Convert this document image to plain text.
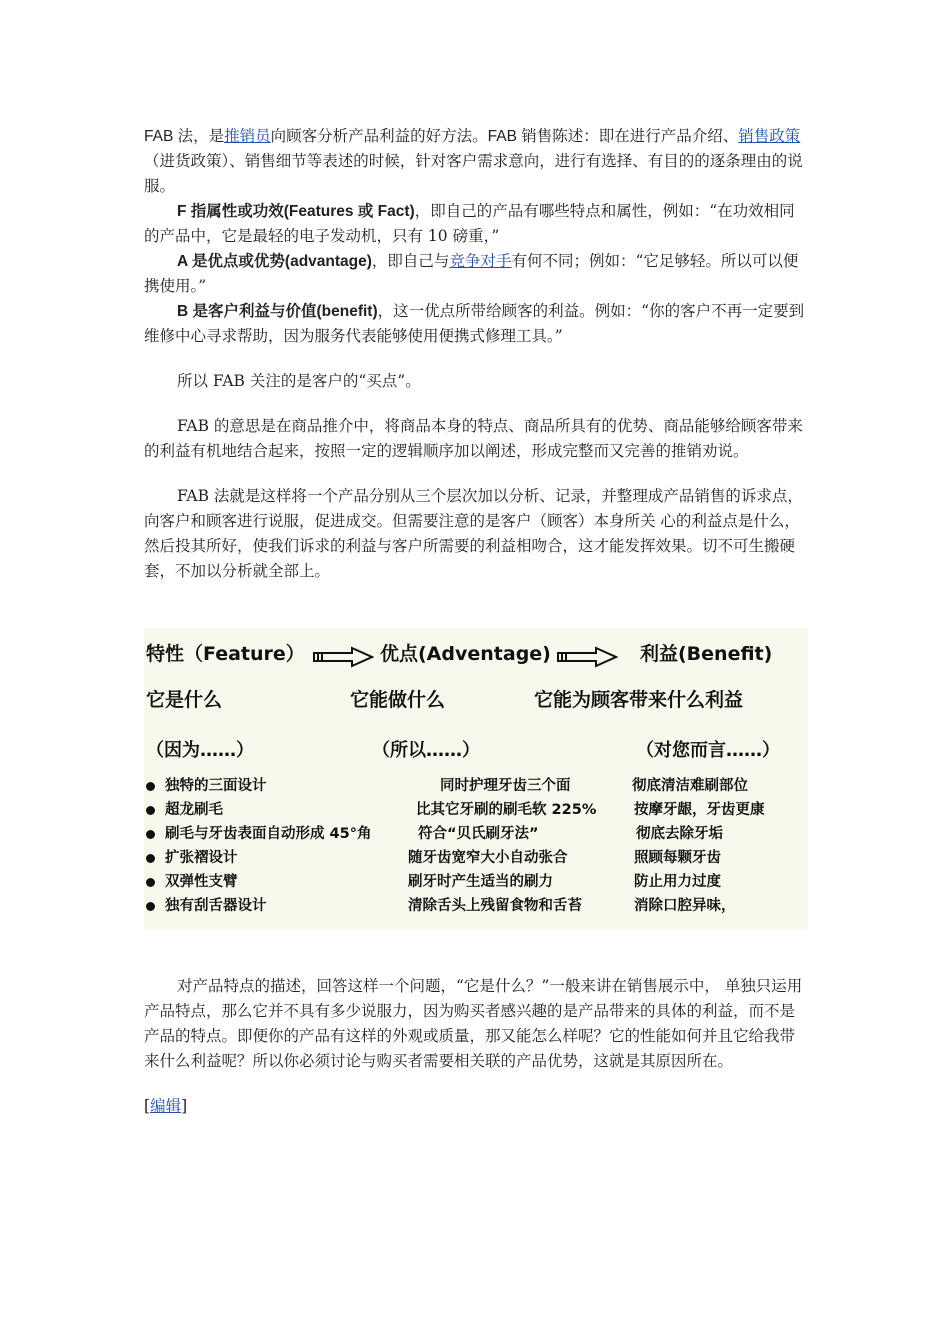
FAB 法，是推销员向顾客分析产品利益的好方法。FAB 销售陈述：即在进行产品介绍、销售政策（进货政策）、销售细节等表述的时候，针对客户需求意向，进行有选择、有目的的逐条理由的说服。

F 指属性或功效(Features 或 Fact)，即自己的产品有哪些特点和属性，例如：“在功效相同的产品中，它是最轻的电子发动机，只有 10 磅重，”

A 是优点或优势(advantage)，即自己与竞争对手有何不同；例如：“它足够轻。所以可以便携使用。”

B 是客户利益与价值(benefit)，这一优点所带给顾客的利益。例如：“你的客户不再一定要到维修中心寻求帮助，因为服务代表能够使用便携式修理工具。”

所以 FAB 关注的是客户的“买点”。

FAB 的意思是在商品推介中，将商品本身的特点、商品所具有的优势、商品能够给顾客带来的利益有机地结合起来，按照一定的逻辑顺序加以阐述，形成完整而又完善的推销劝说。

FAB 法就是这样将一个产品分别从三个层次加以分析、记录，并整理成产品销售的诉求点，向客户和顾客进行说服，促进成交。但需要注意的是客户（顾客）本身所关 心的利益点是什么，然后投其所好，使我们诉求的利益与客户所需要的利益相吻合，这才能发挥效果。切不可生搬硬套，不加以分析就全部上。

特性（Feature）	优点(Adventage)	利益(Benefit)
它是什么	它能做什么	它能为顾客带来什么利益
（因为……）	（所以……）	（对您而言……）
独特的三面设计	同时护理牙齿三个面	彻底清洁难刷部位
超龙刷毛	比其它牙刷的刷毛软 225%	按摩牙龈，牙齿更康
刷毛与牙齿表面自动形成 45°角	符合“贝氏刷牙法”	彻底去除牙垢
扩张褶设计	随牙齿宽窄大小自动张合	照顾每颗牙齿
双弹性支臂	刷牙时产生适当的刷力	防止用力过度
独有刮舌器设计	清除舌头上残留食物和舌苔	消除口腔异味，

对产品特点的描述，回答这样一个问题，“它是什么？”一般来讲在销售展示中， 单独只运用产品特点，那么它并不具有多少说服力，因为购买者感兴趣的是产品带来的具体的利益，而不是产品的特点。即便你的产品有这样的外观或质量，那又能怎么样呢？它的性能如何并且它给我带来什么利益呢？所以你必须讨论与购买者需要相关联的产品优势，这就是其原因所在。

[编辑]
